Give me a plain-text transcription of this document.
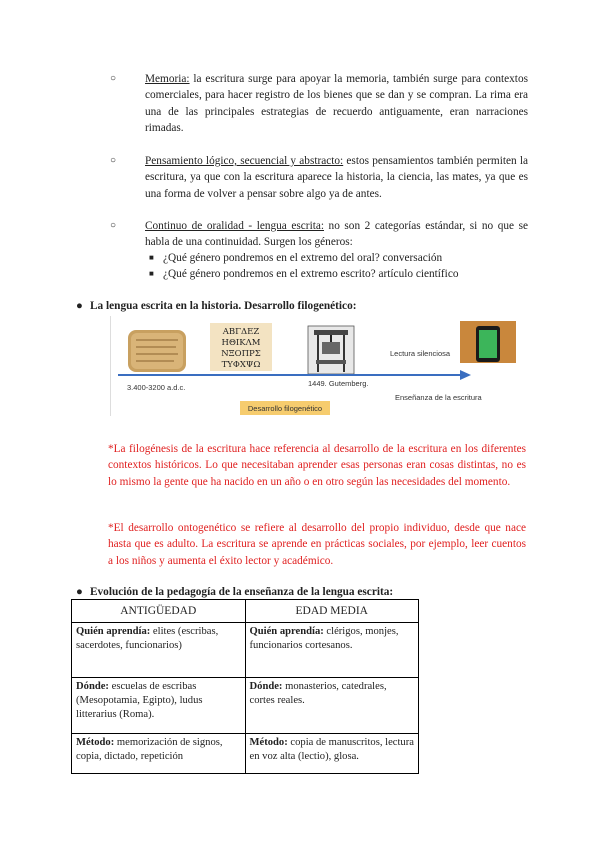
○	Memoria: la escritura surge para apoyar la memoria, también surge para contextos comerciales, para hacer registro de los bienes que se dan y se compran. La rima era una de las principales estrategias de recuerdo antiguamente, eran narraciones rimadas.

○	Pensamiento lógico, secuencial y abstracto: estos pensamientos también permiten la escritura, ya que con la escritura aparece la historia, la ciencia, las mates, ya que es una forma de volver a pensar sobre algo ya de antes.

○	Continuo de oralidad - lengua escrita: no son 2 categorías estándar, si no que se habla de una continuidad. Surgen los géneros:

■ ¿Qué género pondremos en el extremo del oral? conversación
■ ¿Qué género pondremos en el extremo escrito? artículo científico
● La lengua escrita en la historia. Desarrollo filogenético:
3.400-3200 a.d.c.
ΑΒΓΔΕΖ
ΗΘΙΚΛΜ
ΝΞΟΠΡΣ
ΤΥΦΧΨΩ
1449. Gutemberg.
Lectura silenciosa
Enseñanza de la escritura
Desarrollo filogenético

*La filogénesis de la escritura hace referencia al desarrollo de la escritura en los diferentes contextos históricos. Lo que necesitaban aprender esas personas eran cosas distintas, no es lo mismo la gente que ha nacido en un año o en otro según las necesidades del momento.

*El desarrollo ontogenético se refiere al desarrollo del propio individuo, desde que nace hasta que es adulto. La escritura se aprende en prácticas sociales, por ejemplo, leer cuentos a los niños y aumenta el éxito lector y académico.

● Evolución de la pedagogía de la enseñanza de la lengua escrita:
ANTIGÜEDAD	EDAD MEDIA
Quién aprendía: elites (escribas, sacerdotes, funcionarios)	Quién aprendía: clérigos, monjes, funcionarios cortesanos.
Dónde: escuelas de escribas (Mesopotamia, Egipto), ludus litterarius (Roma).	Dónde: monasterios, catedrales, cortes reales.
Método: memorización de signos, copia, dictado, repetición	Método: copia de manuscritos, lectura en voz alta (lectio), glosa.
